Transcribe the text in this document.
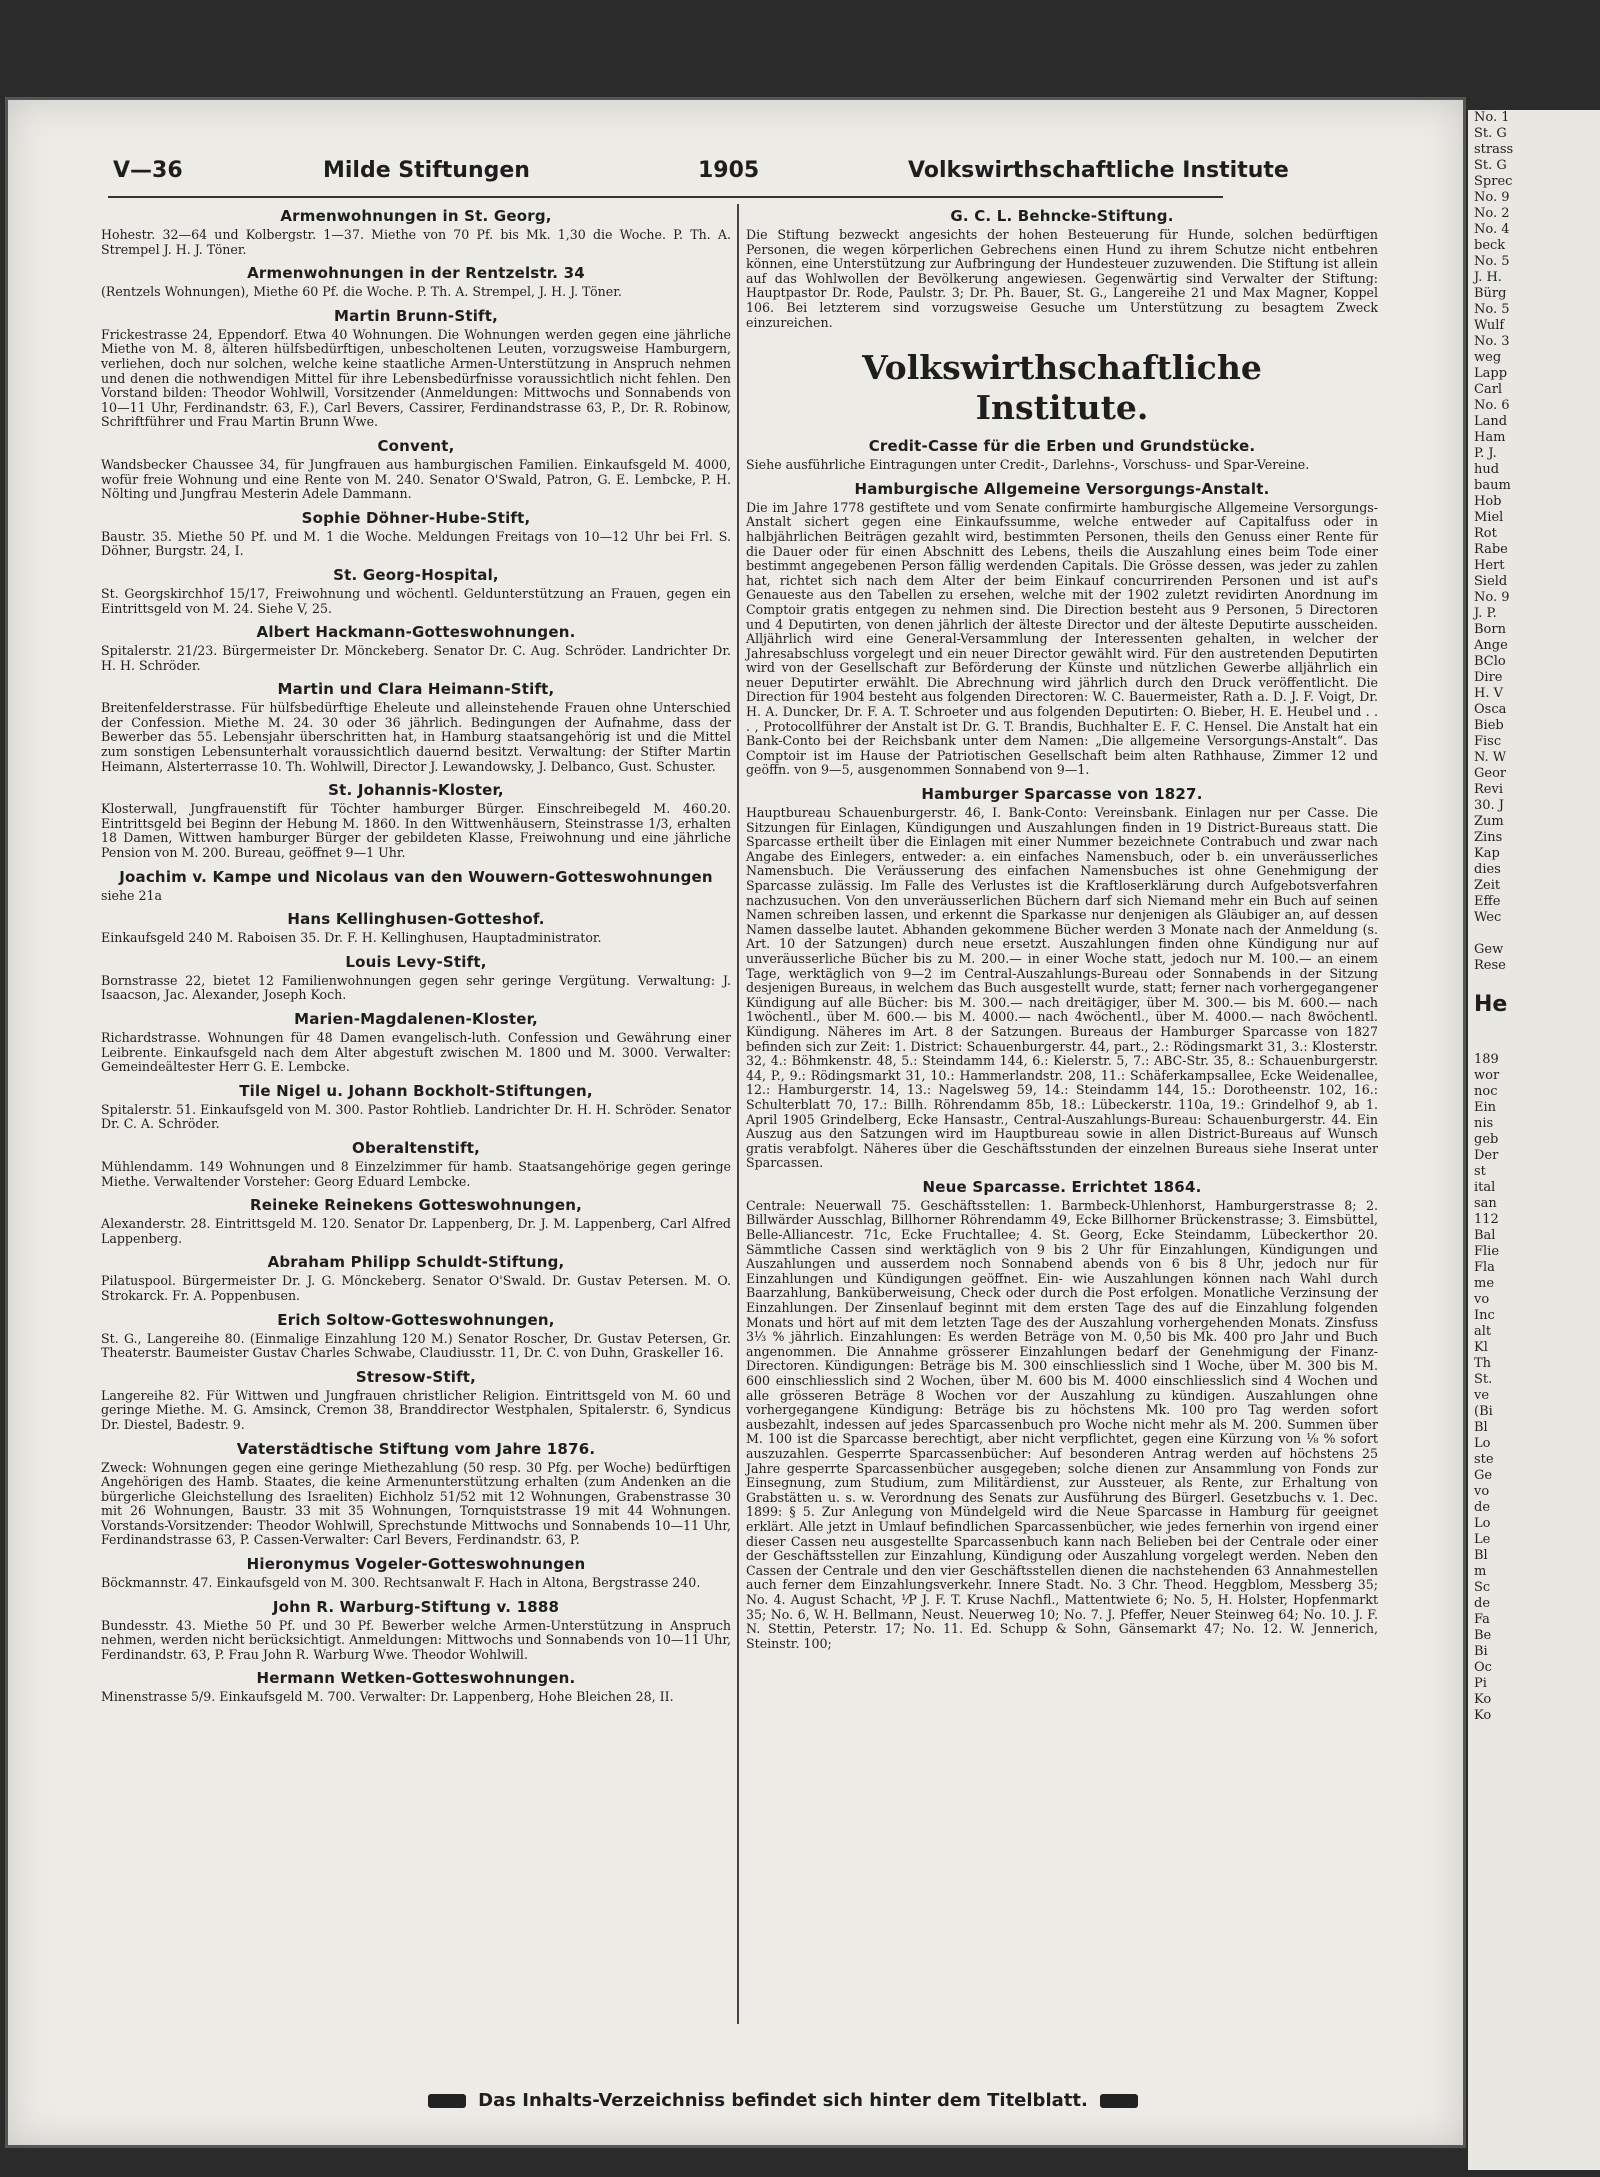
V—36	Milde Stiftungen	1905	Volkswirthschaftliche Institute
Armenwohnungen in St. Georg,

Hohestr. 32—64 und Kolbergstr. 1—37. Miethe von 70 Pf. bis Mk. 1,30 die Woche. P. Th. A. Strempel J. H. J. Töner.

Armenwohnungen in der Rentzelstr. 34

(Rentzels Wohnungen), Miethe 60 Pf. die Woche. P. Th. A. Strempel, J. H. J. Töner.

Martin Brunn-Stift,

Frickestrasse 24, Eppendorf. Etwa 40 Wohnungen. Die Wohnungen werden gegen eine jährliche Miethe von M. 8, älteren hülfsbedürftigen, unbescholtenen Leuten, vorzugsweise Hamburgern, verliehen, doch nur solchen, welche keine staatliche Armen-Unterstützung in Anspruch nehmen und denen die nothwendigen Mittel für ihre Lebensbedürfnisse voraussichtlich nicht fehlen. Den Vorstand bilden: Theodor Wohlwill, Vorsitzender (Anmeldungen: Mittwochs und Sonnabends von 10—11 Uhr, Ferdinandstr. 63, F.), Carl Bevers, Cassirer, Ferdinandstrasse 63, P., Dr. R. Robinow, Schriftführer und Frau Martin Brunn Wwe.

Convent,

Wandsbecker Chaussee 34, für Jungfrauen aus hamburgischen Familien. Einkaufsgeld M. 4000, wofür freie Wohnung und eine Rente von M. 240. Senator O'Swald, Patron, G. E. Lembcke, P. H. Nölting und Jungfrau Mesterin Adele Dammann.

Sophie Döhner-Hube-Stift,

Baustr. 35. Miethe 50 Pf. und M. 1 die Woche. Meldungen Freitags von 10—12 Uhr bei Frl. S. Döhner, Burgstr. 24, I.

St. Georg-Hospital,

St. Georgskirchhof 15/17, Freiwohnung und wöchentl. Geldunterstützung an Frauen, gegen ein Eintrittsgeld von M. 24. Siehe V, 25.

Albert Hackmann-Gotteswohnungen.

Spitalerstr. 21/23. Bürgermeister Dr. Mönckeberg. Senator Dr. C. Aug. Schröder. Landrichter Dr. H. H. Schröder.

Martin und Clara Heimann-Stift,

Breitenfelderstrasse. Für hülfsbedürftige Eheleute und alleinstehende Frauen ohne Unterschied der Confession. Miethe M. 24. 30 oder 36 jährlich. Bedingungen der Aufnahme, dass der Bewerber das 55. Lebensjahr überschritten hat, in Hamburg staatsangehörig ist und die Mittel zum sonstigen Lebensunterhalt voraussichtlich dauernd besitzt. Verwaltung: der Stifter Martin Heimann, Alsterterrasse 10. Th. Wohlwill, Director J. Lewandowsky, J. Delbanco, Gust. Schuster.

St. Johannis-Kloster,

Klosterwall, Jungfrauenstift für Töchter hamburger Bürger. Einschreibegeld M. 460.20. Eintrittsgeld bei Beginn der Hebung M. 1860. In den Wittwenhäusern, Steinstrasse 1/3, erhalten 18 Damen, Wittwen hamburger Bürger der gebildeten Klasse, Freiwohnung und eine jährliche Pension von M. 200. Bureau, geöffnet 9—1 Uhr.

Joachim v. Kampe und Nicolaus van den Wouwern-Gotteswohnungen

siehe 21a

Hans Kellinghusen-Gotteshof.

Einkaufsgeld 240 M. Raboisen 35. Dr. F. H. Kellinghusen, Hauptadministrator.

Louis Levy-Stift,

Bornstrasse 22, bietet 12 Familienwohnungen gegen sehr geringe Vergütung. Verwaltung: J. Isaacson, Jac. Alexander, Joseph Koch.

Marien-Magdalenen-Kloster,

Richardstrasse. Wohnungen für 48 Damen evangelisch-luth. Confession und Gewährung einer Leibrente. Einkaufsgeld nach dem Alter abgestuft zwischen M. 1800 und M. 3000. Verwalter: Gemeindeältester Herr G. E. Lembcke.

Tile Nigel u. Johann Bockholt-Stiftungen,

Spitalerstr. 51. Einkaufsgeld von M. 300. Pastor Rohtlieb. Landrichter Dr. H. H. Schröder. Senator Dr. C. A. Schröder.

Oberaltenstift,

Mühlendamm. 149 Wohnungen und 8 Einzelzimmer für hamb. Staatsangehörige gegen geringe Miethe. Verwaltender Vorsteher: Georg Eduard Lembcke.

Reineke Reinekens Gotteswohnungen,

Alexanderstr. 28. Eintrittsgeld M. 120. Senator Dr. Lappenberg, Dr. J. M. Lappenberg, Carl Alfred Lappenberg.

Abraham Philipp Schuldt-Stiftung,

Pilatuspool. Bürgermeister Dr. J. G. Mönckeberg. Senator O'Swald. Dr. Gustav Petersen. M. O. Strokarck. Fr. A. Poppenbusen.

Erich Soltow-Gotteswohnungen,

St. G., Langereihe 80. (Einmalige Einzahlung 120 M.) Senator Roscher, Dr. Gustav Petersen, Gr. Theaterstr. Baumeister Gustav Charles Schwabe, Claudiusstr. 11, Dr. C. von Duhn, Graskeller 16.

Stresow-Stift,

Langereihe 82. Für Wittwen und Jungfrauen christlicher Religion. Eintrittsgeld von M. 60 und geringe Miethe. M. G. Amsinck, Cremon 38, Branddirector Westphalen, Spitalerstr. 6, Syndicus Dr. Diestel, Badestr. 9.

Vaterstädtische Stiftung vom Jahre 1876.

Zweck: Wohnungen gegen eine geringe Miethezahlung (50 resp. 30 Pfg. per Woche) bedürftigen Angehörigen des Hamb. Staates, die keine Armenunterstützung erhalten (zum Andenken an die bürgerliche Gleichstellung des Israeliten) Eichholz 51/52 mit 12 Wohnungen, Grabenstrasse 30 mit 26 Wohnungen, Baustr. 33 mit 35 Wohnungen, Tornquiststrasse 19 mit 44 Wohnungen. Vorstands-Vorsitzender: Theodor Wohlwill, Sprechstunde Mittwochs und Sonnabends 10—11 Uhr, Ferdinandstrasse 63, P. Cassen-Verwalter: Carl Bevers, Ferdinandstr. 63, P.

Hieronymus Vogeler-Gotteswohnungen

Böckmannstr. 47. Einkaufsgeld von M. 300. Rechtsanwalt F. Hach in Altona, Bergstrasse 240.

John R. Warburg-Stiftung v. 1888

Bundesstr. 43. Miethe 50 Pf. und 30 Pf. Bewerber welche Armen-Unterstützung in Anspruch nehmen, werden nicht berücksichtigt. Anmeldungen: Mittwochs und Sonnabends von 10—11 Uhr, Ferdinandstr. 63, P. Frau John R. Warburg Wwe. Theodor Wohlwill.

Hermann Wetken-Gotteswohnungen.

Minenstrasse 5/9. Einkaufsgeld M. 700. Verwalter: Dr. Lappenberg, Hohe Bleichen 28, II.

G. C. L. Behncke-Stiftung.

Die Stiftung bezweckt angesichts der hohen Besteuerung für Hunde, solchen bedürftigen Personen, die wegen körperlichen Gebrechens einen Hund zu ihrem Schutze nicht entbehren können, eine Unterstützung zur Aufbringung der Hundesteuer zuzuwenden. Die Stiftung ist allein auf das Wohlwollen der Bevölkerung angewiesen. Gegenwärtig sind Verwalter der Stiftung: Hauptpastor Dr. Rode, Paulstr. 3; Dr. Ph. Bauer, St. G., Langereihe 21 und Max Magner, Koppel 106. Bei letzterem sind vorzugsweise Gesuche um Unterstützung zu besagtem Zweck einzureichen.

Volkswirthschaftliche
Institute.
Credit-Casse für die Erben und Grundstücke.

Siehe ausführliche Eintragungen unter Credit-, Darlehns-, Vorschuss- und Spar-Vereine.

Hamburgische Allgemeine Versorgungs-Anstalt.

Die im Jahre 1778 gestiftete und vom Senate confirmirte hamburgische Allgemeine Versorgungs-Anstalt sichert gegen eine Einkaufssumme, welche entweder auf Capitalfuss oder in halbjährlichen Beiträgen gezahlt wird, bestimmten Personen, theils den Genuss einer Rente für die Dauer oder für einen Abschnitt des Lebens, theils die Auszahlung eines beim Tode einer bestimmt angegebenen Person fällig werdenden Capitals. Die Grösse dessen, was jeder zu zahlen hat, richtet sich nach dem Alter der beim Einkauf concurrirenden Personen und ist auf's Genaueste aus den Tabellen zu ersehen, welche mit der 1902 zuletzt revidirten Anordnung im Comptoir gratis entgegen zu nehmen sind. Die Direction besteht aus 9 Personen, 5 Directoren und 4 Deputirten, von denen jährlich der älteste Director und der älteste Deputirte ausscheiden. Alljährlich wird eine General-Versammlung der Interessenten gehalten, in welcher der Jahresabschluss vorgelegt und ein neuer Director gewählt wird. Für den austretenden Deputirten wird von der Gesellschaft zur Beförderung der Künste und nützlichen Gewerbe alljährlich ein neuer Deputirter erwählt. Die Abrechnung wird jährlich durch den Druck veröffentlicht. Die Direction für 1904 besteht aus folgenden Directoren: W. C. Bauermeister, Rath a. D. J. F. Voigt, Dr. H. A. Duncker, Dr. F. A. T. Schroeter und aus folgenden Deputirten: O. Bieber, H. E. Heubel und . . . , Protocollführer der Anstalt ist Dr. G. T. Brandis, Buchhalter E. F. C. Hensel. Die Anstalt hat ein Bank-Conto bei der Reichsbank unter dem Namen: „Die allgemeine Versorgungs-Anstalt“. Das Comptoir ist im Hause der Patriotischen Gesellschaft beim alten Rathhause, Zimmer 12 und geöffn. von 9—5, ausgenommen Sonnabend von 9—1.

Hamburger Sparcasse von 1827.

Hauptbureau Schauenburgerstr. 46, I. Bank-Conto: Vereinsbank. Einlagen nur per Casse. Die Sitzungen für Einlagen, Kündigungen und Auszahlungen finden in 19 District-Bureaus statt. Die Sparcasse ertheilt über die Einlagen mit einer Nummer bezeichnete Contrabuch und zwar nach Angabe des Einlegers, entweder: a. ein einfaches Namensbuch, oder b. ein unveräusserliches Namensbuch. Die Veräusserung des einfachen Namensbuches ist ohne Genehmigung der Sparcasse zulässig. Im Falle des Verlustes ist die Kraftloserklärung durch Aufgebotsverfahren nachzusuchen. Von den unveräusserlichen Büchern darf sich Niemand mehr ein Buch auf seinen Namen schreiben lassen, und erkennt die Sparkasse nur denjenigen als Gläubiger an, auf dessen Namen dasselbe lautet. Abhanden gekommene Bücher werden 3 Monate nach der Anmeldung (s. Art. 10 der Satzungen) durch neue ersetzt. Auszahlungen finden ohne Kündigung nur auf unveräusserliche Bücher bis zu M. 200.— in einer Woche statt, jedoch nur M. 100.— an einem Tage, werktäglich von 9—2 im Central-Auszahlungs-Bureau oder Sonnabends in der Sitzung desjenigen Bureaus, in welchem das Buch ausgestellt wurde, statt; ferner nach vorhergegangener Kündigung auf alle Bücher: bis M. 300.— nach dreitägiger, über M. 300.— bis M. 600.— nach 1wöchentl., über M. 600.— bis M. 4000.— nach 4wöchentl., über M. 4000.— nach 8wöchentl. Kündigung. Näheres im Art. 8 der Satzungen. Bureaus der Hamburger Sparcasse von 1827 befinden sich zur Zeit: 1. District: Schauenburgerstr. 44, part., 2.: Rödingsmarkt 31, 3.: Klosterstr. 32, 4.: Böhmkenstr. 48, 5.: Steindamm 144, 6.: Kielerstr. 5, 7.: ABC-Str. 35, 8.: Schauenburgerstr. 44, P., 9.: Rödingsmarkt 31, 10.: Hammerlandstr. 208, 11.: Schäferkampsallee, Ecke Weidenallee, 12.: Hamburgerstr. 14, 13.: Nagelsweg 59, 14.: Steindamm 144, 15.: Dorotheenstr. 102, 16.: Schulterblatt 70, 17.: Billh. Röhrendamm 85b, 18.: Lübeckerstr. 110a, 19.: Grindelhof 9, ab 1. April 1905 Grindelberg, Ecke Hansastr., Central-Auszahlungs-Bureau: Schauenburgerstr. 44. Ein Auszug aus den Satzungen wird im Hauptbureau sowie in allen District-Bureaus auf Wunsch gratis verabfolgt. Näheres über die Geschäftsstunden der einzelnen Bureaus siehe Inserat unter Sparcassen.

Neue Sparcasse. Errichtet 1864.

Centrale: Neuerwall 75. Geschäftsstellen: 1. Barmbeck-Uhlenhorst, Hamburgerstrasse 8; 2. Billwärder Ausschlag, Billhorner Röhrendamm 49, Ecke Billhorner Brückenstrasse; 3. Eimsbüttel, Belle-Alliancestr. 71c, Ecke Fruchtallee; 4. St. Georg, Ecke Steindamm, Lübeckerthor 20. Sämmtliche Cassen sind werktäglich von 9 bis 2 Uhr für Einzahlungen, Kündigungen und Auszahlungen und ausserdem noch Sonnabend abends von 6 bis 8 Uhr, jedoch nur für Einzahlungen und Kündigungen geöffnet. Ein- wie Auszahlungen können nach Wahl durch Baarzahlung, Banküberweisung, Check oder durch die Post erfolgen. Monatliche Verzinsung der Einzahlungen. Der Zinsenlauf beginnt mit dem ersten Tage des auf die Einzahlung folgenden Monats und hört auf mit dem letzten Tage des der Auszahlung vorhergehenden Monats. Zinsfuss 3⅓ % jährlich. Einzahlungen: Es werden Beträge von M. 0,50 bis Mk. 400 pro Jahr und Buch angenommen. Die Annahme grösserer Einzahlungen bedarf der Genehmigung der Finanz-Directoren. Kündigungen: Beträge bis M. 300 einschliesslich sind 1 Woche, über M. 300 bis M. 600 einschliesslich sind 2 Wochen, über M. 600 bis M. 4000 einschliesslich sind 4 Wochen und alle grösseren Beträge 8 Wochen vor der Auszahlung zu kündigen. Auszahlungen ohne vorhergegangene Kündigung: Beträge bis zu höchstens Mk. 100 pro Tag werden sofort ausbezahlt, indessen auf jedes Sparcassenbuch pro Woche nicht mehr als M. 200. Summen über M. 100 ist die Sparcasse berechtigt, aber nicht verpflichtet, gegen eine Kürzung von ⅛ % sofort auszuzahlen. Gesperrte Sparcassenbücher: Auf besonderen Antrag werden auf höchstens 25 Jahre gesperrte Sparcassenbücher ausgegeben; solche dienen zur Ansammlung von Fonds zur Einsegnung, zum Studium, zum Militärdienst, zur Aussteuer, als Rente, zur Erhaltung von Grabstätten u. s. w. Verordnung des Senats zur Ausführung des Bürgerl. Gesetzbuchs v. 1. Dec. 1899: § 5. Zur Anlegung von Mündelgeld wird die Neue Sparcasse in Hamburg für geeignet erklärt. Alle jetzt in Umlauf befindlichen Sparcassenbücher, wie jedes fernerhin von irgend einer dieser Cassen neu ausgestellte Sparcassenbuch kann nach Belieben bei der Centrale oder einer der Geschäftsstellen zur Einzahlung, Kündigung oder Auszahlung vorgelegt werden. Neben den Cassen der Centrale und den vier Geschäftsstellen dienen die nachstehenden 63 Annahmestellen auch ferner dem Einzahlungsverkehr. Innere Stadt. No. 3 Chr. Theod. Heggblom, Messberg 35; No. 4. August Schacht, ⅟P J. F. T. Kruse Nachfl., Mattentwiete 6; No. 5, H. Holster, Hopfenmarkt 35; No. 6, W. H. Bellmann, Neust. Neuerweg 10; No. 7. J. Pfeffer, Neuer Steinweg 64; No. 10. J. F. N. Stettin, Peterstr. 17; No. 11. Ed. Schupp & Sohn, Gänsemarkt 47; No. 12. W. Jennerich, Steinstr. 100;

Das Inhalts-Verzeichniss befindet sich hinter dem Titelblatt.
No. 1
St. G
strass
St. G
Sprec
No. 9
No. 2
No. 4
beck
No. 5
J. H.
Bürg
No. 5
Wulf
No. 3
weg
Lapp
Carl
No. 6
Land
Ham
P. J.
hud
baum
Hob
Miel
Rot
Rabe
Hert
Sield
No. 9
J. P.
Born
Ange
BClo
Dire
H. V
Osca
Bieb
Fisc
N. W
Geor
Revi
30. J
Zum
Zins
Kap
dies
Zeit
Effe
Wec

Gew
Rese

He

189
wor
noc
Ein
nis
geb
Der
st
ital
san
112
Bal
Flie
Fla
me
vo
Inc
alt
Kl
Th
St.
ve
(Bi
Bl
Lo
ste
Ge
vo
de
Lo
Le
Bl
m
Sc
de
Fa
Be
Bi
Oc
Pi
Ko
Ko
